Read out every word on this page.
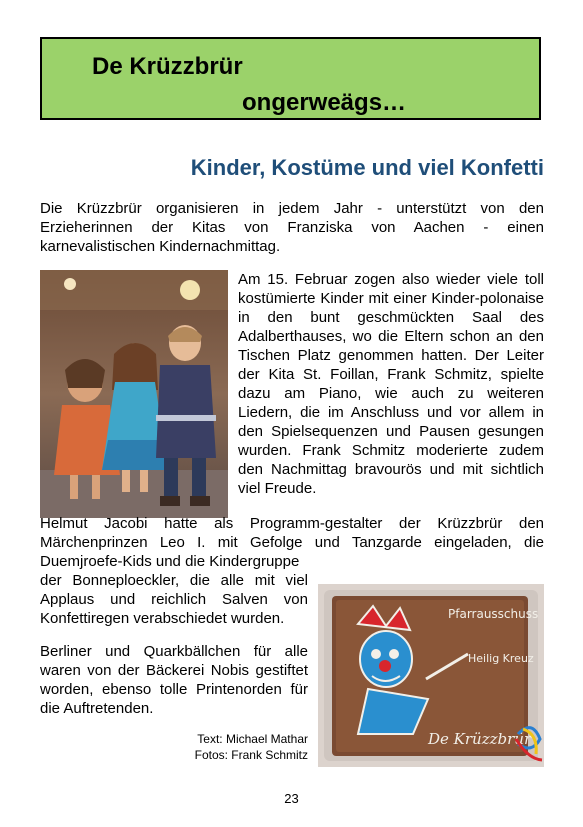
De Krüzzbrür
ongerweägs…
Kinder, Kostüme und viel Konfetti
Die Krüzzbrür organisieren in jedem Jahr - unterstützt von den Erzieherinnen der Kitas von Franziska von Aachen - einen karnevalistischen Kindernachmittag.
Am 15. Februar zogen also wieder viele toll kostümierte Kinder mit einer Kinder-polonaise in den bunt geschmückten Saal des Adalberthauses, wo die Eltern schon an den Tischen Platz genommen hatten. Der Leiter der Kita St. Foillan, Frank Schmitz, spielte dazu am Piano, wie auch zu weiteren Liedern, die im Anschluss und vor allem in den Spielsequenzen und Pausen gesungen wurden. Frank Schmitz moderierte zudem den Nachmittag bravourös und mit sichtlich viel Freude.
Helmut Jacobi hatte als Programm-gestalter der Krüzzbrür den Märchenprinzen Leo I. mit Gefolge und Tanzgarde eingeladen, die Duemjroefe-Kids und die Kindergruppe
der Bonneploeckler, die alle mit viel Applaus und reichlich Salven von Konfettiregen verabschiedet wurden.
Berliner und Quarkbällchen für alle waren von der Bäckerei Nobis gestiftet worden, ebenso tolle Printenorden für die Auftretenden.
Pfarrausschuss
Heilig Kreuz
De Krüzzbrür
Text: Michael Mathar
Fotos: Frank Schmitz
23
